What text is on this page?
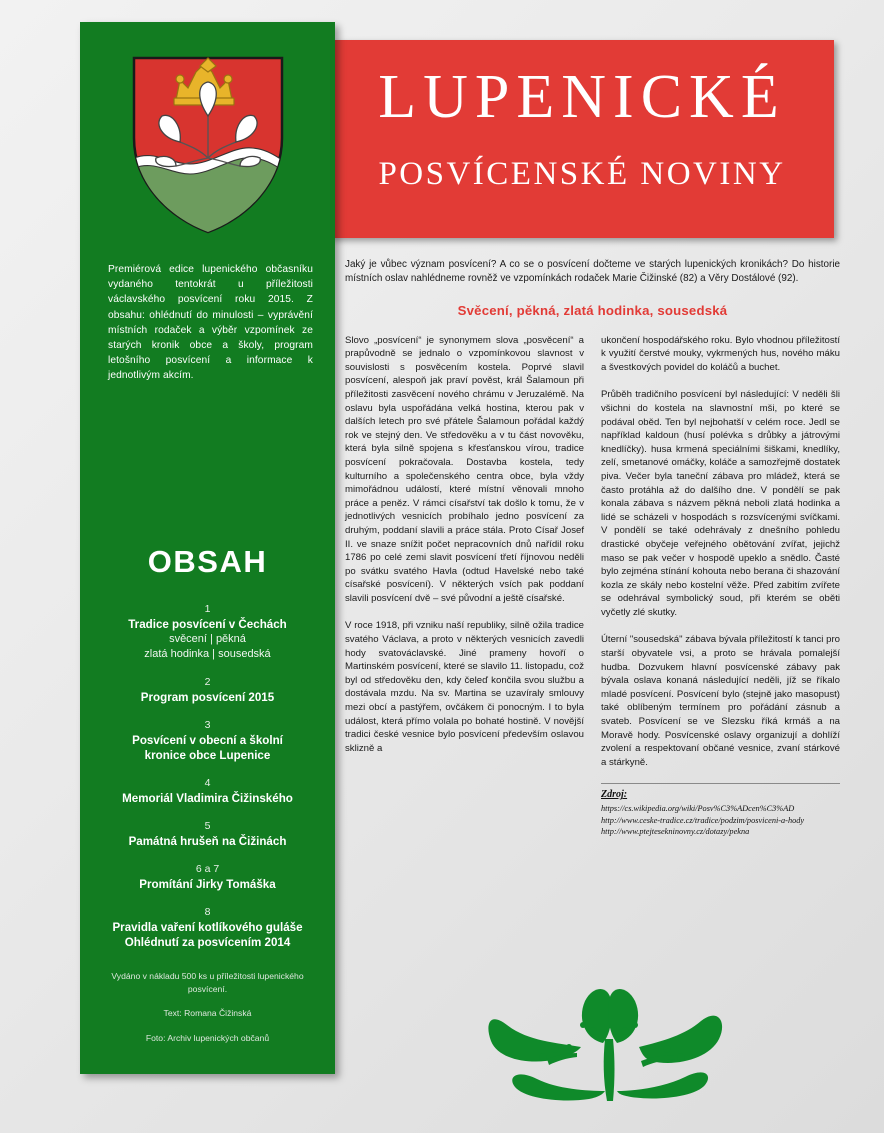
Premiérová edice lupenického občasníku vydaného tentokrát u příležitosti václavského posvícení roku 2015. Z obsahu: ohlédnutí do minulosti – vyprávění místních rodaček a výběr vzpomínek ze starých kronik obce a školy, program letošního posvícení a informace k jednotlivým akcím.
OBSAH
1
Tradice posvícení v Čechách
svěcení | pěkná
zlatá hodinka | sousedská
2
Program posvícení 2015
3
Posvícení v obecní a školní
kronice obce Lupenice
4
Memoriál Vladimira Čižinského
5
Památná hrušeň na Čižinách
6 a 7
Promítání Jirky Tomáška
8
Pravidla vaření kotlíkového guláše
Ohlédnutí za posvícením 2014
Vydáno v nákladu 500 ks u příležitosti lupenického posvícení.
Text: Romana Čižinská
Foto: Archiv lupenických občanů
LUPENICKÉ
POSVÍCENSKÉ NOVINY
Jaký je vůbec význam posvícení? A co se o posvícení dočteme ve starých lupenických kronikách? Do historie místních oslav nahlédneme rovněž ve vzpomínkách rodaček Marie Čižinské (82) a Věry Dostálové (92).
Svěcení, pěkná, zlatá hodinka, sousedská

Slovo „posvícení“ je synonymem slova „posvěcení“ a prapůvodně se jednalo o vzpomínkovou slavnost v souvislosti s posvěcením kostela. Poprvé slavil posvícení, alespoň jak praví pověst, král Šalamoun při příležitosti zasvěcení nového chrámu v Jeruzalémě. Na oslavu byla uspořádána velká hostina, kterou pak v dalších letech pro své přátele Šalamoun pořádal každý rok ve stejný den. Ve středověku a v tu část novověku, která byla silně spojena s křesťanskou vírou, tradice posvícení pokračovala. Dostavba kostela, tedy kulturního a společenského centra obce, byla vždy mimořádnou událostí, které místní věnovali mnoho práce a peněz. V rámci císařství tak došlo k tomu, že v jednotlivých vesnicích probíhalo jedno posvícení za druhým, poddaní slavili a práce stála. Proto Císař Josef II. ve snaze snížit počet nepracovních dnů nařídil roku 1786 po celé zemi slavit posvícení třetí říjnovou neděli po svátku svatého Havla (odtud Havelské nebo také císařské posvícení). V některých vsích pak poddaní slavili posvícení dvě – své původní a ještě císařské.

V roce 1918, při vzniku naší republiky, silně ožila tradice svatého Václava, a proto v některých vesnicích zavedli hody svatováclavské. Jiné prameny hovoří o Martinském posvícení, které se slavilo 11. listopadu, což byl od středověku den, kdy čeleď končila svou službu a dostávala mzdu. Na sv. Martina se uzavíraly smlouvy mezi obcí a pastýřem, ovčákem či ponocným. I to byla událost, která přímo volala po bohaté hostině. V novější tradici české vesnice bylo posvícení především oslavou sklizně a

ukončení hospodářského roku. Bylo vhodnou příležitostí k využití čerstvé mouky, vykrmených hus, nového máku a švestkových povidel do koláčů a buchet.

Průběh tradičního posvícení byl následující: V neděli šli všichni do kostela na slavnostní mši, po které se podával oběd. Ten byl nejbohatší v celém roce. Jedl se například kaldoun (husí polévka s drůbky a játrovými knedlíčky). husa krmená speciálními šiškami, knedlíky, zelí, smetanové omáčky, koláče a samozřejmě dostatek piva. Večer byla taneční zábava pro mládež, která se často protáhla až do dalšího dne. V pondělí se pak konala zábava s názvem pěkná neboli zlatá hodinka a lidé se scházeli v hospodách s rozsvícenými svíčkami. V pondělí se také odehrávaly z dnešního pohledu drastické obyčeje veřejného obětování zvířat, jejichž maso se pak večer v hospodě upeklo a snědlo. Časté bylo zejména stínání kohouta nebo berana či shazování kozla ze skály nebo kostelní věže. Před zabitím zvířete se odehrával symbolický soud, při kterém se oběti vyčetly zlé skutky.

Úterní "sousedská" zábava bývala příležitostí k tanci pro starší obyvatele vsi, a proto se hrávala pomalejší hudba. Dozvukem hlavní posvícenské zábavy pak bývala oslava konaná následující neděli, jíž se říkalo mladé posvícení. Posvícení bylo (stejně jako masopust) také oblíbeným termínem pro pořádání zásnub a svateb. Posvícení se ve Slezsku říká krmáš a na Moravě hody. Posvícenské oslavy organizují a dohlíží zvolení a respektovaní občané vesnice, zvaní stárkové a stárkyně.

Zdroj:
https://cs.wikipedia.org/wiki/Posv%C3%ADcen%C3%AD
http://www.ceske-tradice.cz/tradice/podzim/posviceni-a-hody
http://www.ptejtesekninovny.cz/dotazy/pekna
